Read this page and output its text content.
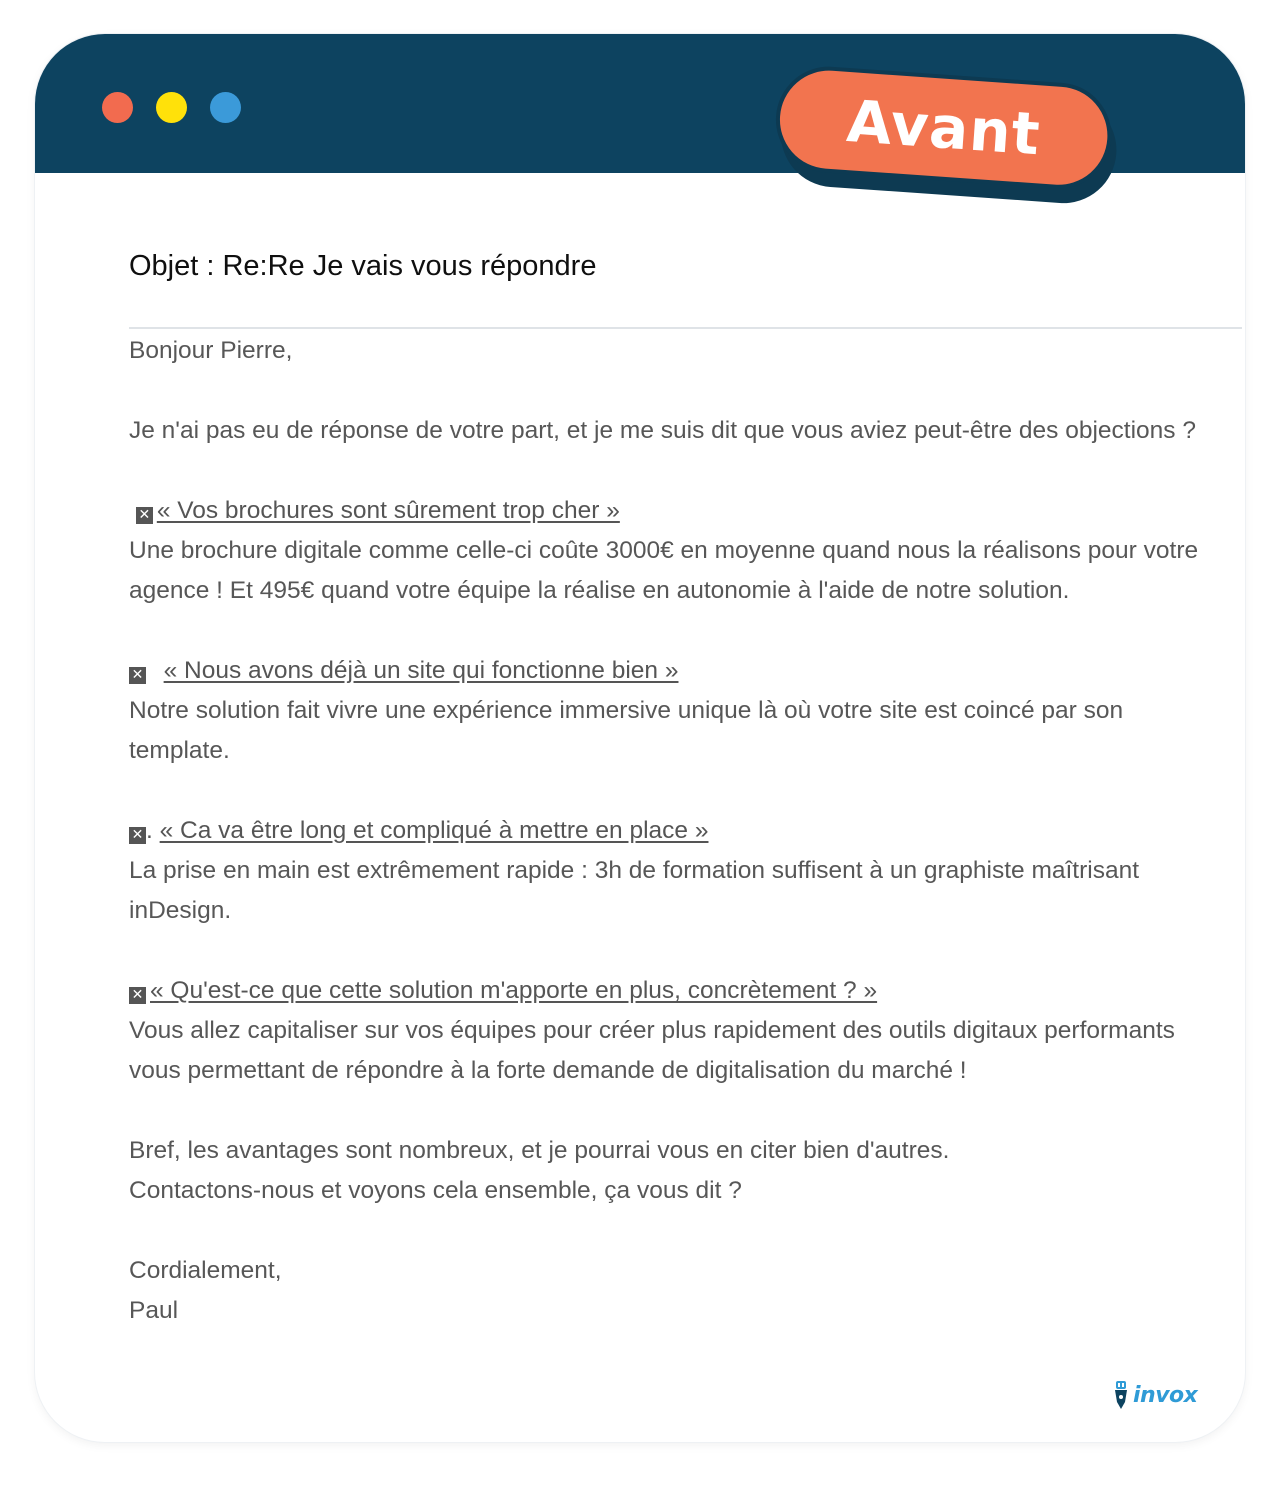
Objet : Re:Re Je vais vous répondre

Bonjour Pierre,

Je n'ai pas eu de réponse de votre part, et je me suis dit que vous aviez peut-être des objections ?

✕ « Vos brochures sont sûrement trop cher »

Une brochure digitale comme celle-ci coûte 3000€ en moyenne quand nous la réalisons pour votre agence ! Et 495€ quand votre équipe la réalise en autonomie à l'aide de notre solution.

✕ « Nous avons déjà un site qui fonctionne bien »

Notre solution fait vivre une expérience immersive unique là où votre site est coincé par son template.

✕ . « Ca va être long et compliqué à mettre en place »

La prise en main est extrêmement rapide : 3h de formation suffisent à un graphiste maîtrisant inDesign.

✕ « Qu'est-ce que cette solution m'apporte en plus, concrètement ? »

Vous allez capitaliser sur vos équipes pour créer plus rapidement des outils digitaux performants vous permettant de répondre à la forte demande de digitalisation du marché !

Bref, les avantages sont nombreux, et je pourrai vous en citer bien d'autres.

Contactons-nous et voyons cela ensemble, ça vous dit ?

Cordialement,

Paul

invox
Avant
